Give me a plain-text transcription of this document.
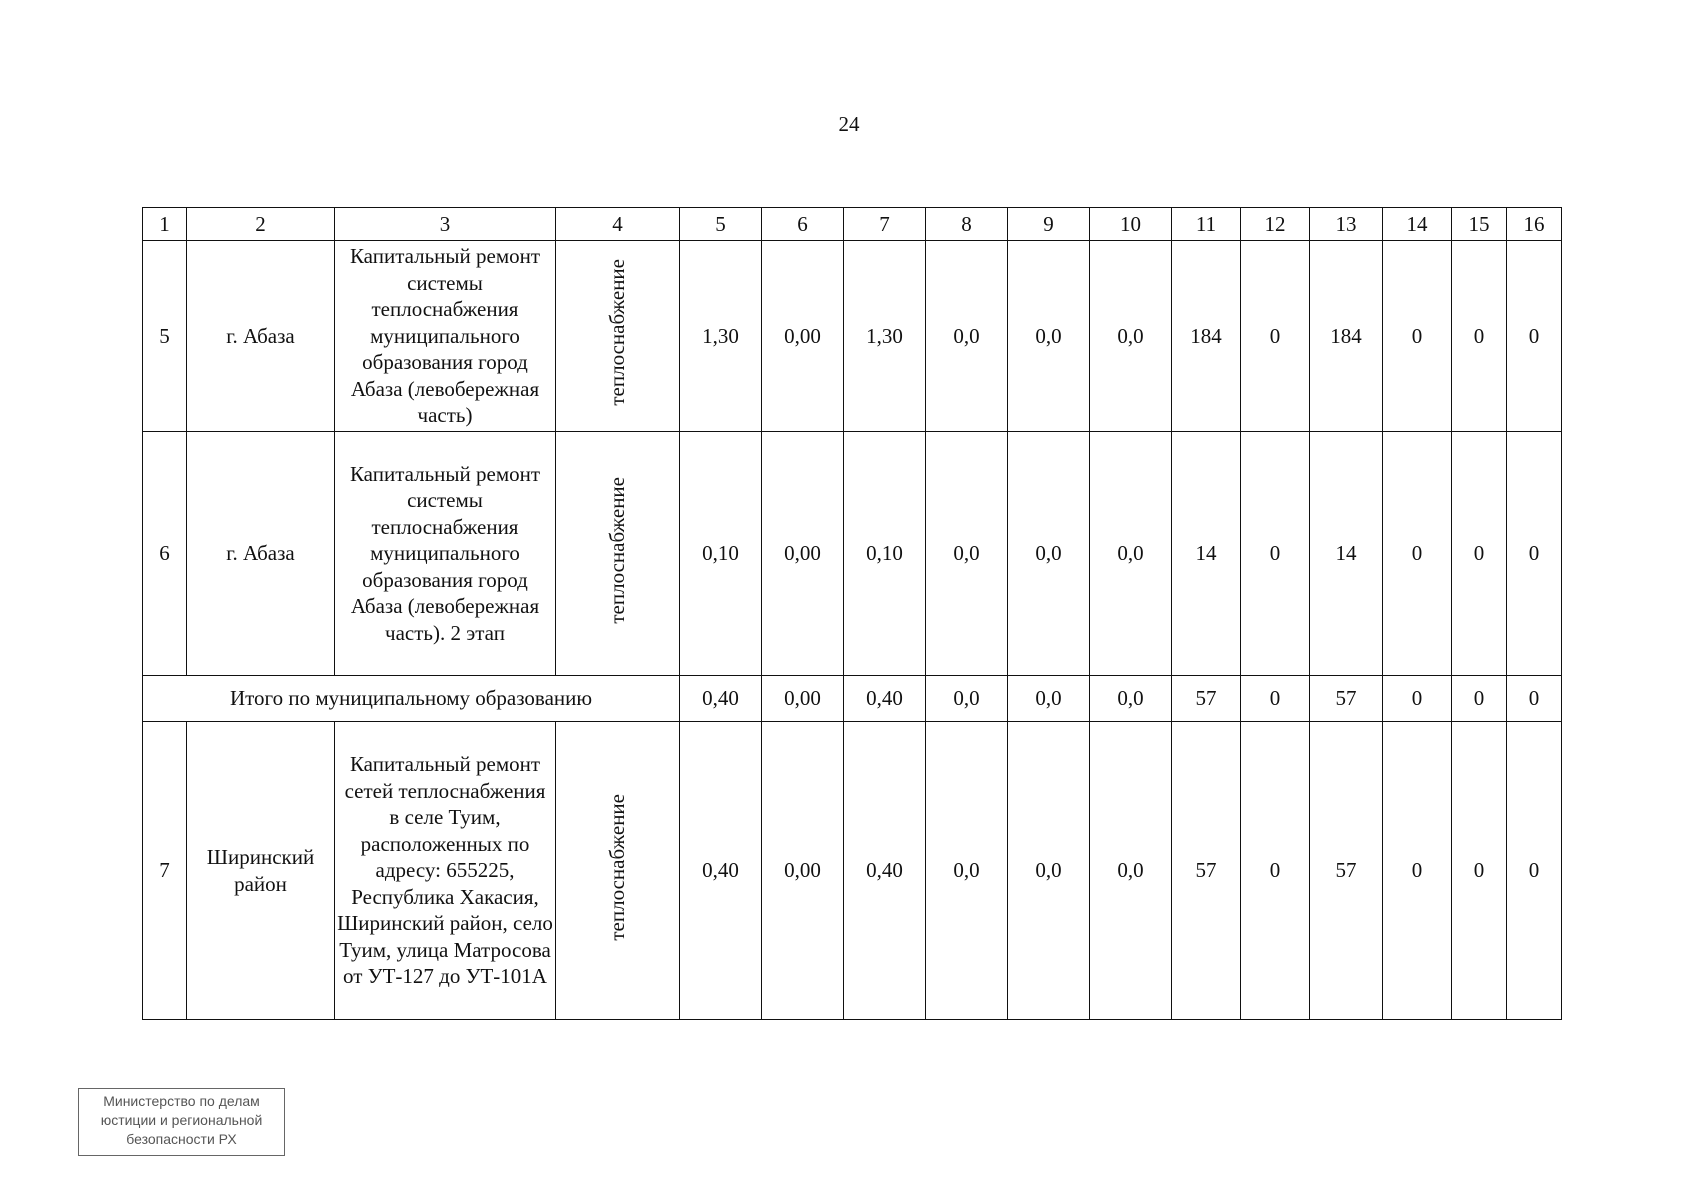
24
1	2	3	4	5	6	7	8	9	10	11	12	13	14	15	16
5	г. Абаза	Капитальный ремонт системы теплоснабжения муниципального образования город Абаза (левобережная часть)	теплоснабжение	1,30	0,00	1,30	0,0	0,0	0,0	184	0	184	0	0	0
6	г. Абаза	Капитальный ремонт системы теплоснабжения муниципального образования город Абаза (левобережная часть). 2 этап	теплоснабжение	0,10	0,00	0,10	0,0	0,0	0,0	14	0	14	0	0	0
Итого по муниципальному образованию				0,40	0,00	0,40	0,0	0,0	0,0	57	0	57	0	0	0
7	Ширинский район	Капитальный ремонт сетей теплоснабжения в селе Туим, расположенных по адресу: 655225, Республика Хакасия, Ширинский район, село Туим, улица Матросова от УТ-127 до УТ-101А	теплоснабжение	0,40	0,00	0,40	0,0	0,0	0,0	57	0	57	0	0	0
Министерство по делам
юстиции и региональной
безопасности РХ
